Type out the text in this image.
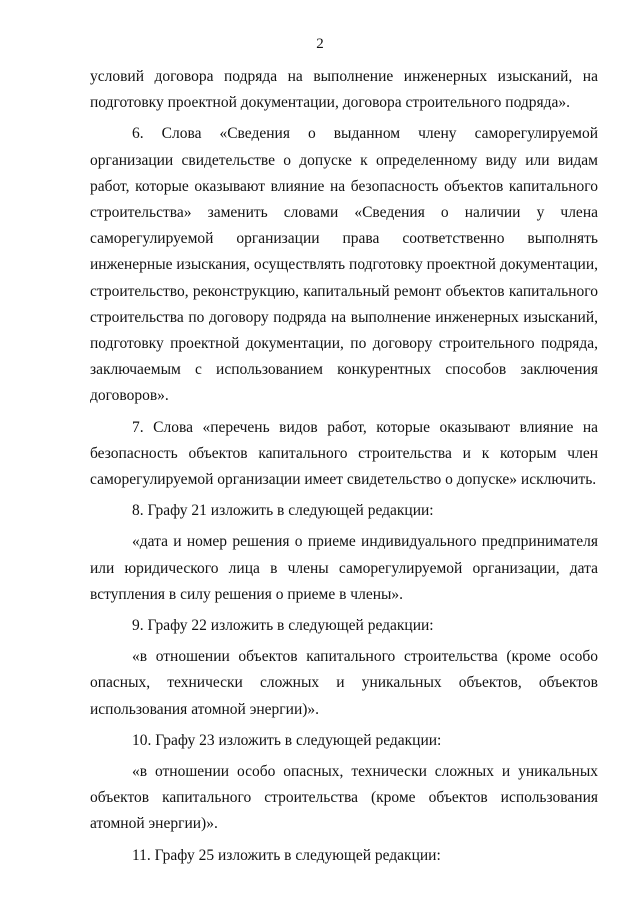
2

условий договора подряда на выполнение инженерных изысканий, на подготовку проектной документации, договора строительного подряда».

6. Слова «Сведения о выданном члену саморегулируемой организации свидетельстве о допуске к определенному виду или видам работ, которые оказывают влияние на безопасность объектов капитального строительства» заменить словами «Сведения о наличии у члена саморегулируемой организации права соответственно выполнять инженерные изыскания, осуществлять подготовку проектной документации, строительство, реконструкцию, капитальный ремонт объектов капитального строительства по договору подряда на выполнение инженерных изысканий, подготовку проектной документации, по договору строительного подряда, заключаемым с использованием конкурентных способов заключения договоров».

7. Слова «перечень видов работ, которые оказывают влияние на безопасность объектов капитального строительства и к которым член саморегулируемой организации имеет свидетельство о допуске» исключить.

8. Графу 21 изложить в следующей редакции:

«дата и номер решения о приеме индивидуального предпринимателя или юридического лица в члены саморегулируемой организации, дата вступления в силу решения о приеме в члены».

9. Графу 22 изложить в следующей редакции:

«в отношении объектов капитального строительства (кроме особо опасных, технически сложных и уникальных объектов, объектов использования атомной энергии)».

10. Графу 23 изложить в следующей редакции:

«в отношении особо опасных, технически сложных и уникальных объектов капитального строительства (кроме объектов использования атомной энергии)».

11. Графу 25 изложить в следующей редакции:
